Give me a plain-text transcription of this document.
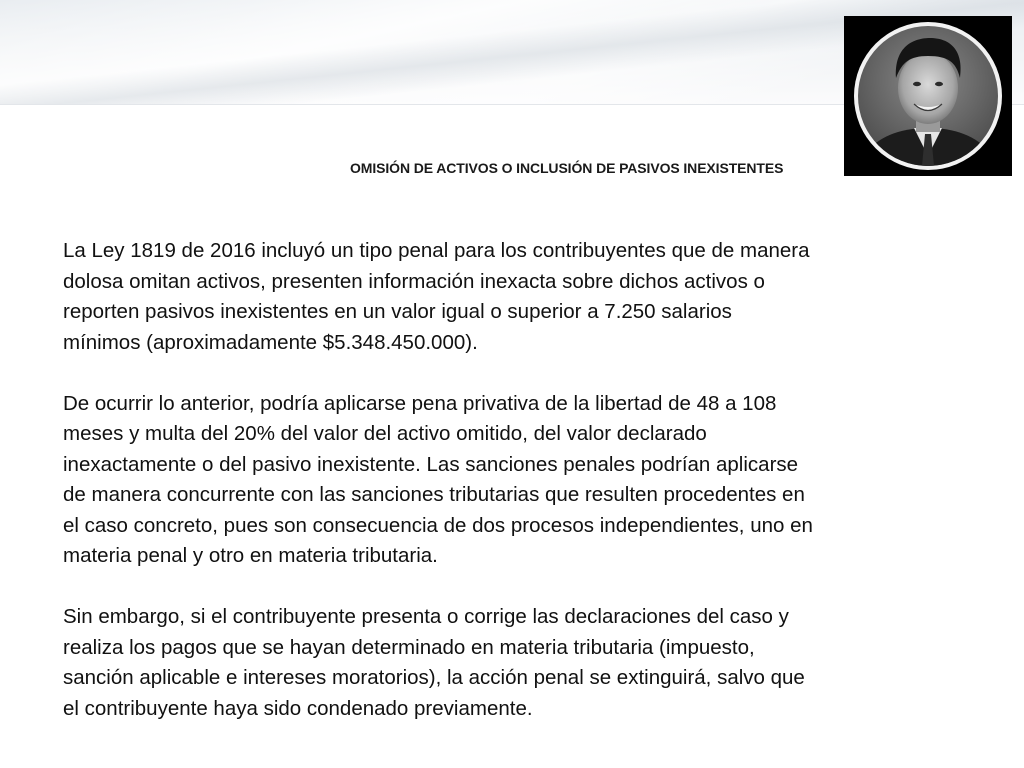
OMISIÓN DE ACTIVOS O INCLUSIÓN DE PASIVOS INEXISTENTES

La Ley 1819 de 2016 incluyó un tipo penal para los contribuyentes que de manera dolosa omitan activos, presenten información inexacta sobre dichos activos o reporten pasivos inexistentes en un valor igual o superior a 7.250 salarios mínimos (aproximadamente $5.348.450.000).

De ocurrir lo anterior, podría aplicarse pena privativa de la libertad de 48 a 108 meses y multa del 20% del valor del activo omitido, del valor declarado inexactamente o del pasivo inexistente. Las sanciones penales podrían aplicarse de manera concurrente con las sanciones tributarias que resulten procedentes en el caso concreto, pues son consecuencia de dos procesos independientes, uno en materia penal y otro en materia tributaria.

Sin embargo, si el contribuyente presenta o corrige las declaraciones del caso y realiza los pagos que se hayan determinado en materia tributaria (impuesto, sanción aplicable e intereses moratorios), la acción penal se extinguirá, salvo que el contribuyente haya sido condenado previamente.
